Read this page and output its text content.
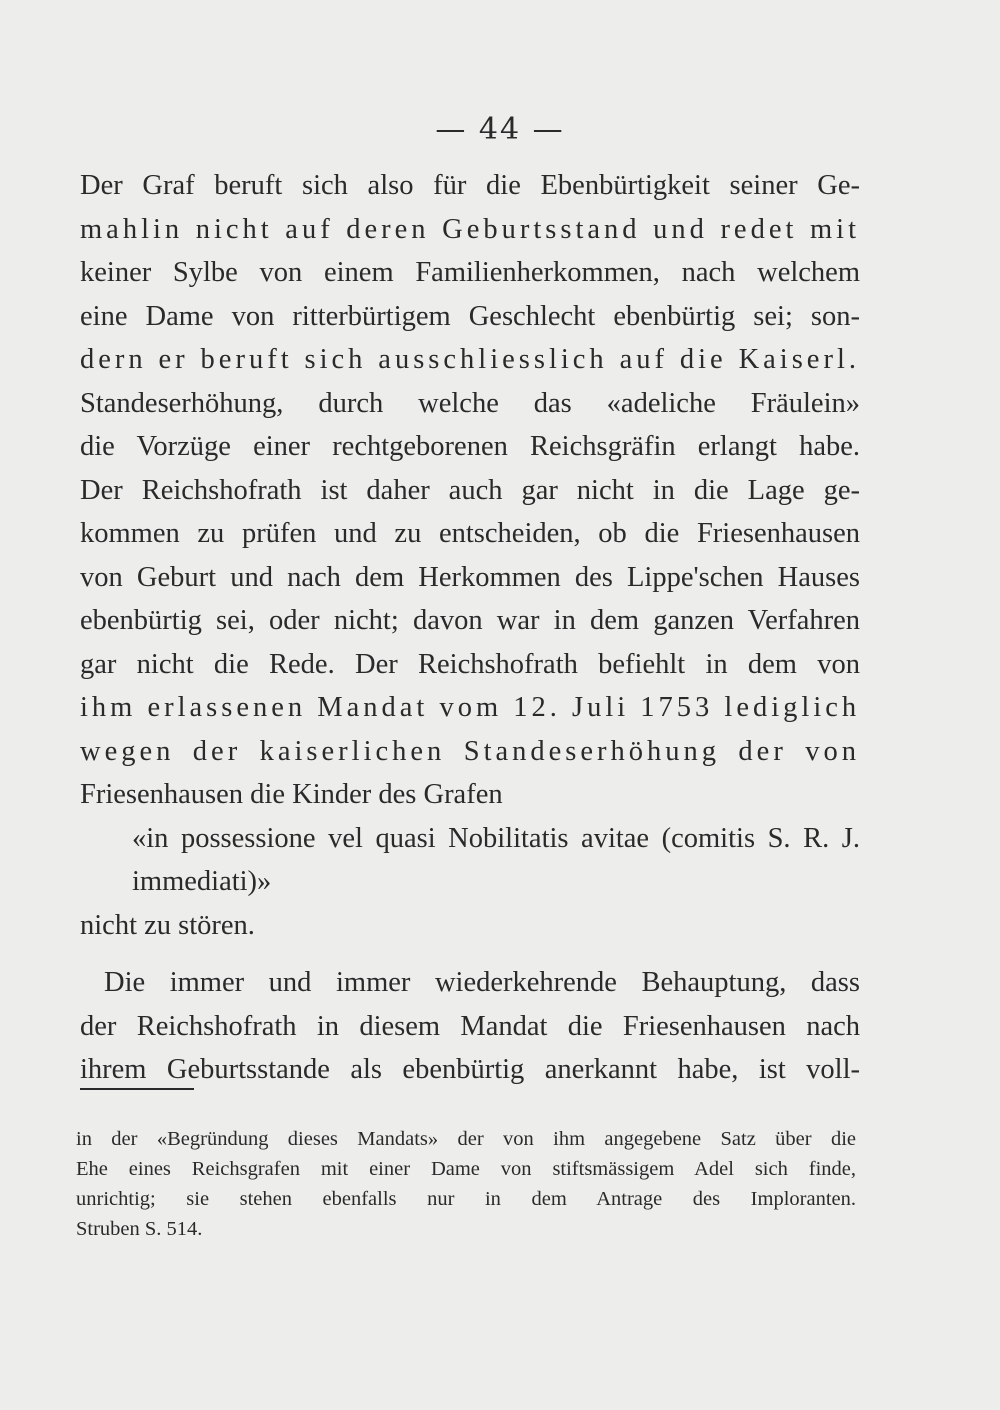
— 44 —
Der Graf beruft sich also für die Ebenbürtigkeit seiner Ge-
mahlin nicht auf deren Geburtsstand und redet mit
keiner Sylbe von einem Familienherkommen, nach welchem
eine Dame von ritterbürtigem Geschlecht ebenbürtig sei; son-
dern er beruft sich ausschliesslich auf die Kaiserl.
Standeserhöhung, durch welche das «adeliche Fräulein»
die Vorzüge einer rechtgeborenen Reichsgräfin erlangt habe.
Der Reichshofrath ist daher auch gar nicht in die Lage ge-
kommen zu prüfen und zu entscheiden, ob die Friesenhausen
von Geburt und nach dem Herkommen des Lippe'schen Hauses
ebenbürtig sei, oder nicht; davon war in dem ganzen Verfahren
gar nicht die Rede. Der Reichshofrath befiehlt in dem von
ihm erlassenen Mandat vom 12. Juli 1753 lediglich
wegen der kaiserlichen Standeserhöhung der von
Friesenhausen die Kinder des Grafen
«in possessione vel quasi Nobilitatis avitae (comitis S. R. J.
immediati)»
nicht zu stören.
Die immer und immer wiederkehrende Behauptung, dass
der Reichshofrath in diesem Mandat die Friesenhausen nach
ihrem Geburtsstande als ebenbürtig anerkannt habe, ist voll-
in der «Begründung dieses Mandats» der von ihm angegebene Satz über die
Ehe eines Reichsgrafen mit einer Dame von stiftsmässigem Adel sich finde,
unrichtig; sie stehen ebenfalls nur in dem Antrage des Imploranten.
Struben S. 514.
